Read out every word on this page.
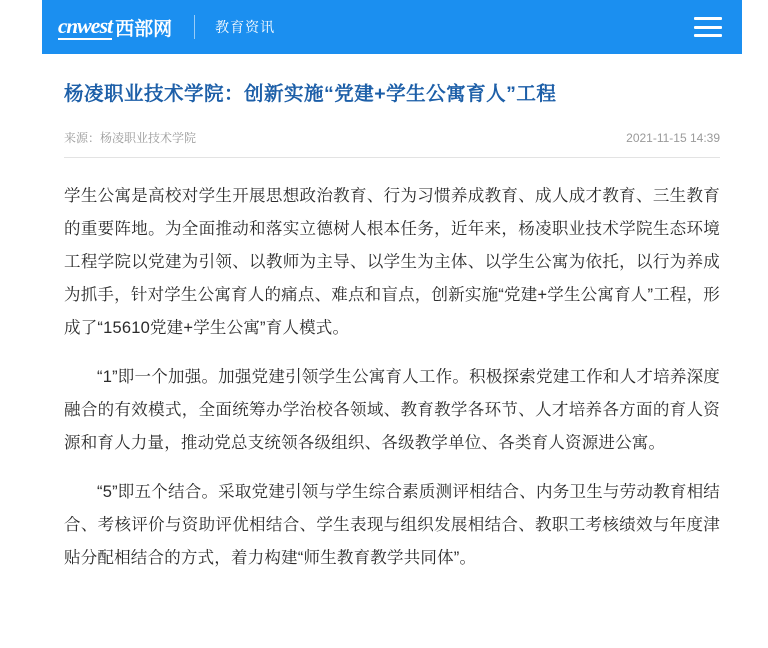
cn west 西部网	教育资讯
杨凌职业技术学院：创新实施“党建+学生公寓育人”工程
来源：杨凌职业技术学院	2021-11-15 14:39

学生公寓是高校对学生开展思想政治教育、行为习惯养成教育、成人成才教育、三生教育的重要阵地。为全面推动和落实立德树人根本任务，近年来，杨凌职业技术学院生态环境工程学院以党建为引领、以教师为主导、以学生为主体、以学生公寓为依托，以行为养成为抓手，针对学生公寓育人的痛点、难点和盲点，创新实施“党建+学生公寓育人”工程，形成了“15610党建+学生公寓”育人模式。

“1”即一个加强。加强党建引领学生公寓育人工作。积极探索党建工作和人才培养深度融合的有效模式，全面统筹办学治校各领域、教育教学各环节、人才培养各方面的育人资源和育人力量，推动党总支统领各级组织、各级教学单位、各类育人资源进公寓。

“5”即五个结合。采取党建引领与学生综合素质测评相结合、内务卫生与劳动教育相结合、考核评价与资助评优相结合、学生表现与组织发展相结合、教职工考核绩效与年度津贴分配相结合的方式，着力构建“师生教育教学共同体”。
